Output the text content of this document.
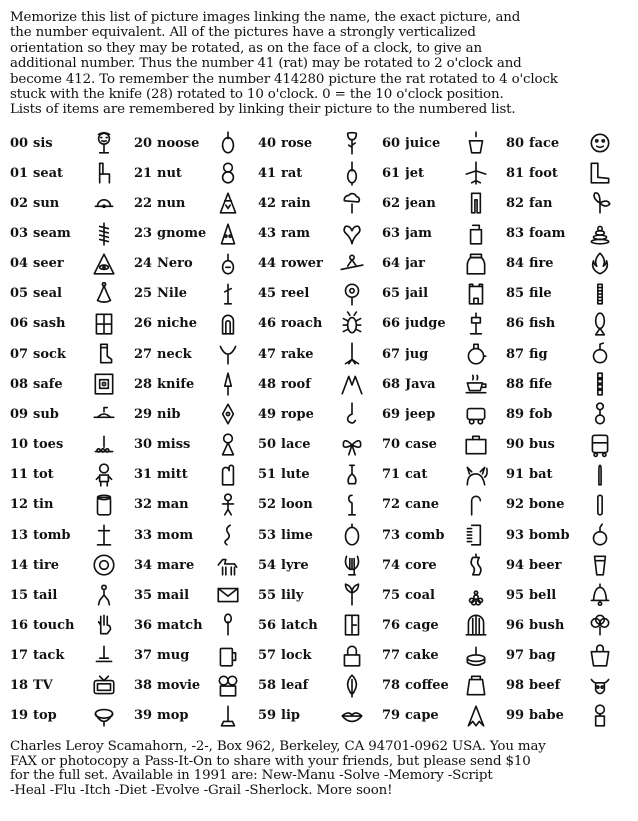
Memorize this list of picture images linking the name, the exact picture, and

the number equivalent. All of the pictures have a strongly verticalized

orientation so they may be rotated, as on the face of a clock, to give an

additional number. Thus the number 41 (rat) may be rotated to 2 o'clock and

become 412. To remember the number 414280 picture the rat rotated to 4 o'clock

stuck with the knife (28) rotated to 10 o'clock. 0 = the 10 o'clock position.

Lists of items are remembered by linking their picture to the numbered list.

00 sis
01 seat
02 sun
03 seam
04 seer
05 seal
06 sash
07 sock
08 safe
09 sub
10 toes
11 tot
12 tin
13 tomb
14 tire
15 tail
16 touch
17 tack
18 TV
19 top
20 noose
21 nut
22 nun
23 gnome
24 Nero
25 Nile
26 niche
27 neck
28 knife
29 nib
30 miss
31 mitt
32 man
33 mom
34 mare
35 mail
36 match
37 mug
38 movie
39 mop
40 rose
41 rat
42 rain
43 ram
44 rower
45 reel
46 roach
47 rake
48 roof
49 rope
50 lace
51 lute
52 loon
53 lime
54 lyre
55 lily
56 latch
57 lock
58 leaf
59 lip
60 juice
61 jet
62 jean
63 jam
64 jar
65 jail
66 judge
67 jug
68 Java
69 jeep
70 case
71 cat
72 cane
73 comb
74 core
75 coal
76 cage
77 cake
78 coffee
79 cape
80 face
81 foot
82 fan
83 foam
84 fire
85 file
86 fish
87 fig
88 fife
89 fob
90 bus
91 bat
92 bone
93 bomb
94 beer
95 bell
96 bush
97 bag
98 beef
99 babe

Charles Leroy Scamahorn, -2-, Box 962, Berkeley, CA 94701-0962 USA. You may

FAX or photocopy a Pass-It-On to share with your friends, but please send $10

for the full set. Available in 1991 are: New-Manu -Solve -Memory -Script

-Heal -Flu -Itch -Diet -Evolve -Grail -Sherlock. More soon!
